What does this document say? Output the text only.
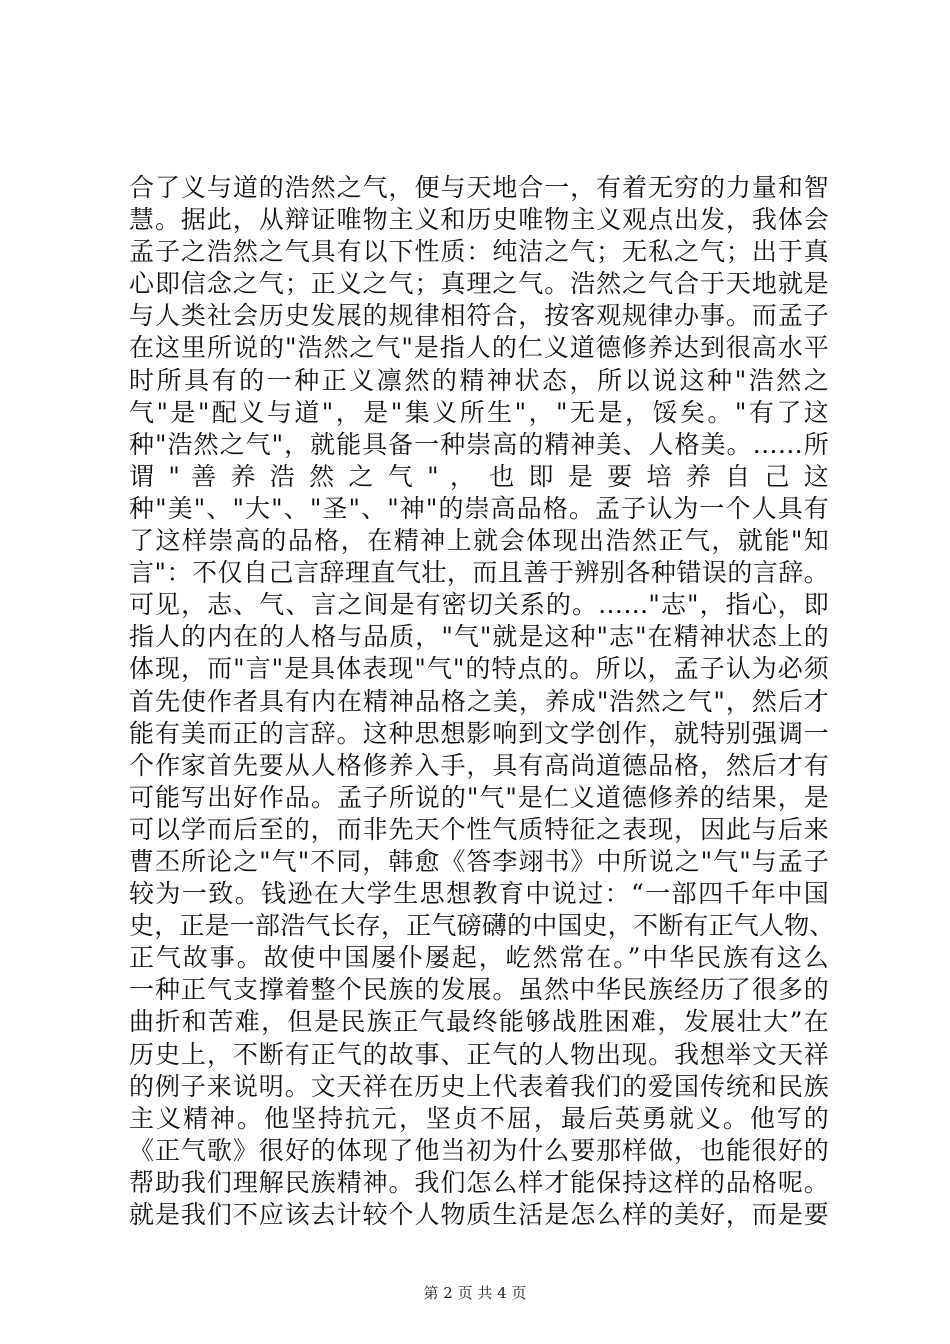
合了义与道的浩然之气，便与天地合一，有着无穷的力量和智
慧。据此，从辩证唯物主义和历史唯物主义观点出发，我体会
孟子之浩然之气具有以下性质：纯洁之气；无私之气；出于真
心即信念之气；正义之气；真理之气。浩然之气合于天地就是
与人类社会历史发展的规律相符合，按客观规律办事。而孟子
在这里所说的"浩然之气"是指人的仁义道德修养达到很高水平
时所具有的一种正义凛然的精神状态，所以说这种"浩然之
气"是"配义与道"，是"集义所生"，"无是，馁矣。"有了这
种"浩然之气"，就能具备一种崇高的精神美、人格美。……所
谓 " 善 养 浩 然 之 气 " ， 也 即 是 要 培 养 自 己 这
种"美"、"大"、"圣"、"神"的崇高品格。孟子认为一个人具有
了这样崇高的品格，在精神上就会体现出浩然正气，就能"知
言"：不仅自己言辞理直气壮，而且善于辨别各种错误的言辞。
可见，志、气、言之间是有密切关系的。……"志"，指心，即
指人的内在的人格与品质，"气"就是这种"志"在精神状态上的
体现，而"言"是具体表现"气"的特点的。所以，孟子认为必须
首先使作者具有内在精神品格之美，养成"浩然之气"，然后才
能有美而正的言辞。这种思想影响到文学创作，就特别强调一
个作家首先要从人格修养入手，具有高尚道德品格，然后才有
可能写出好作品。孟子所说的"气"是仁义道德修养的结果，是
可以学而后至的，而非先天个性气质特征之表现，因此与后来
曹丕所论之"气"不同，韩愈《答李翊书》中所说之"气"与孟子
较为一致。钱逊在大学生思想教育中说过：“一部四千年中国
史，正是一部浩气长存，正气磅礴的中国史，不断有正气人物、
正气故事。故使中国屡仆屡起，屹然常在。”中华民族有这么
一种正气支撑着整个民族的发展。虽然中华民族经历了很多的
曲折和苦难，但是民族正气最终能够战胜困难，发展壮大”在
历史上，不断有正气的故事、正气的人物出现。我想举文天祥
的例子来说明。文天祥在历史上代表着我们的爱国传统和民族
主义精神。他坚持抗元，坚贞不屈，最后英勇就义。他写的
《正气歌》很好的体现了他当初为什么要那样做，也能很好的
帮助我们理解民族精神。我们怎么样才能保持这样的品格呢。
就是我们不应该去计较个人物质生活是怎么样的美好，而是要
第 2 页 共 4 页
